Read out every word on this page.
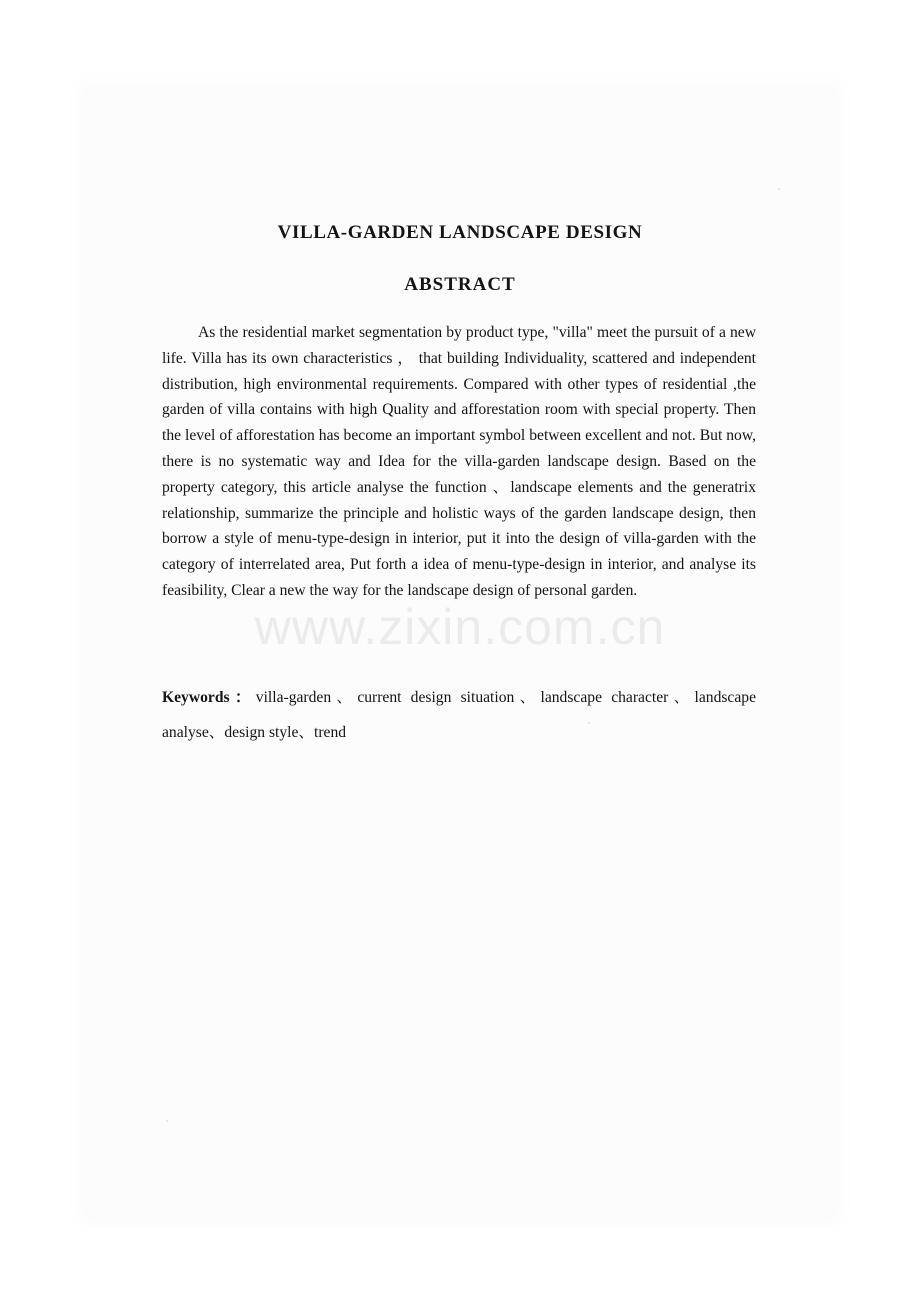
VILLA-GARDEN LANDSCAPE DESIGN
ABSTRACT

As the residential market segmentation by product type, "villa" meet the pursuit of a new life. Villa has its own characteristics ， that building Individuality, scattered and independent distribution, high environmental requirements. Compared with other types of residential ,the garden of villa contains with high Quality and afforestation room with special property. Then the level of afforestation has become an important symbol between excellent and not. But now, there is no systematic way and Idea for the villa-garden landscape design. Based on the property category, this article analyse the function 、landscape elements and the generatrix relationship, summarize the principle and holistic ways of the garden landscape design, then borrow a style of menu-type-design in interior, put it into the design of villa-garden with the category of interrelated area, Put forth a idea of menu-type-design in interior, and analyse its feasibility, Clear a new the way for the landscape design of personal garden.

Keywords：villa-garden、current design situation、landscape character、landscape analyse、design style、trend
